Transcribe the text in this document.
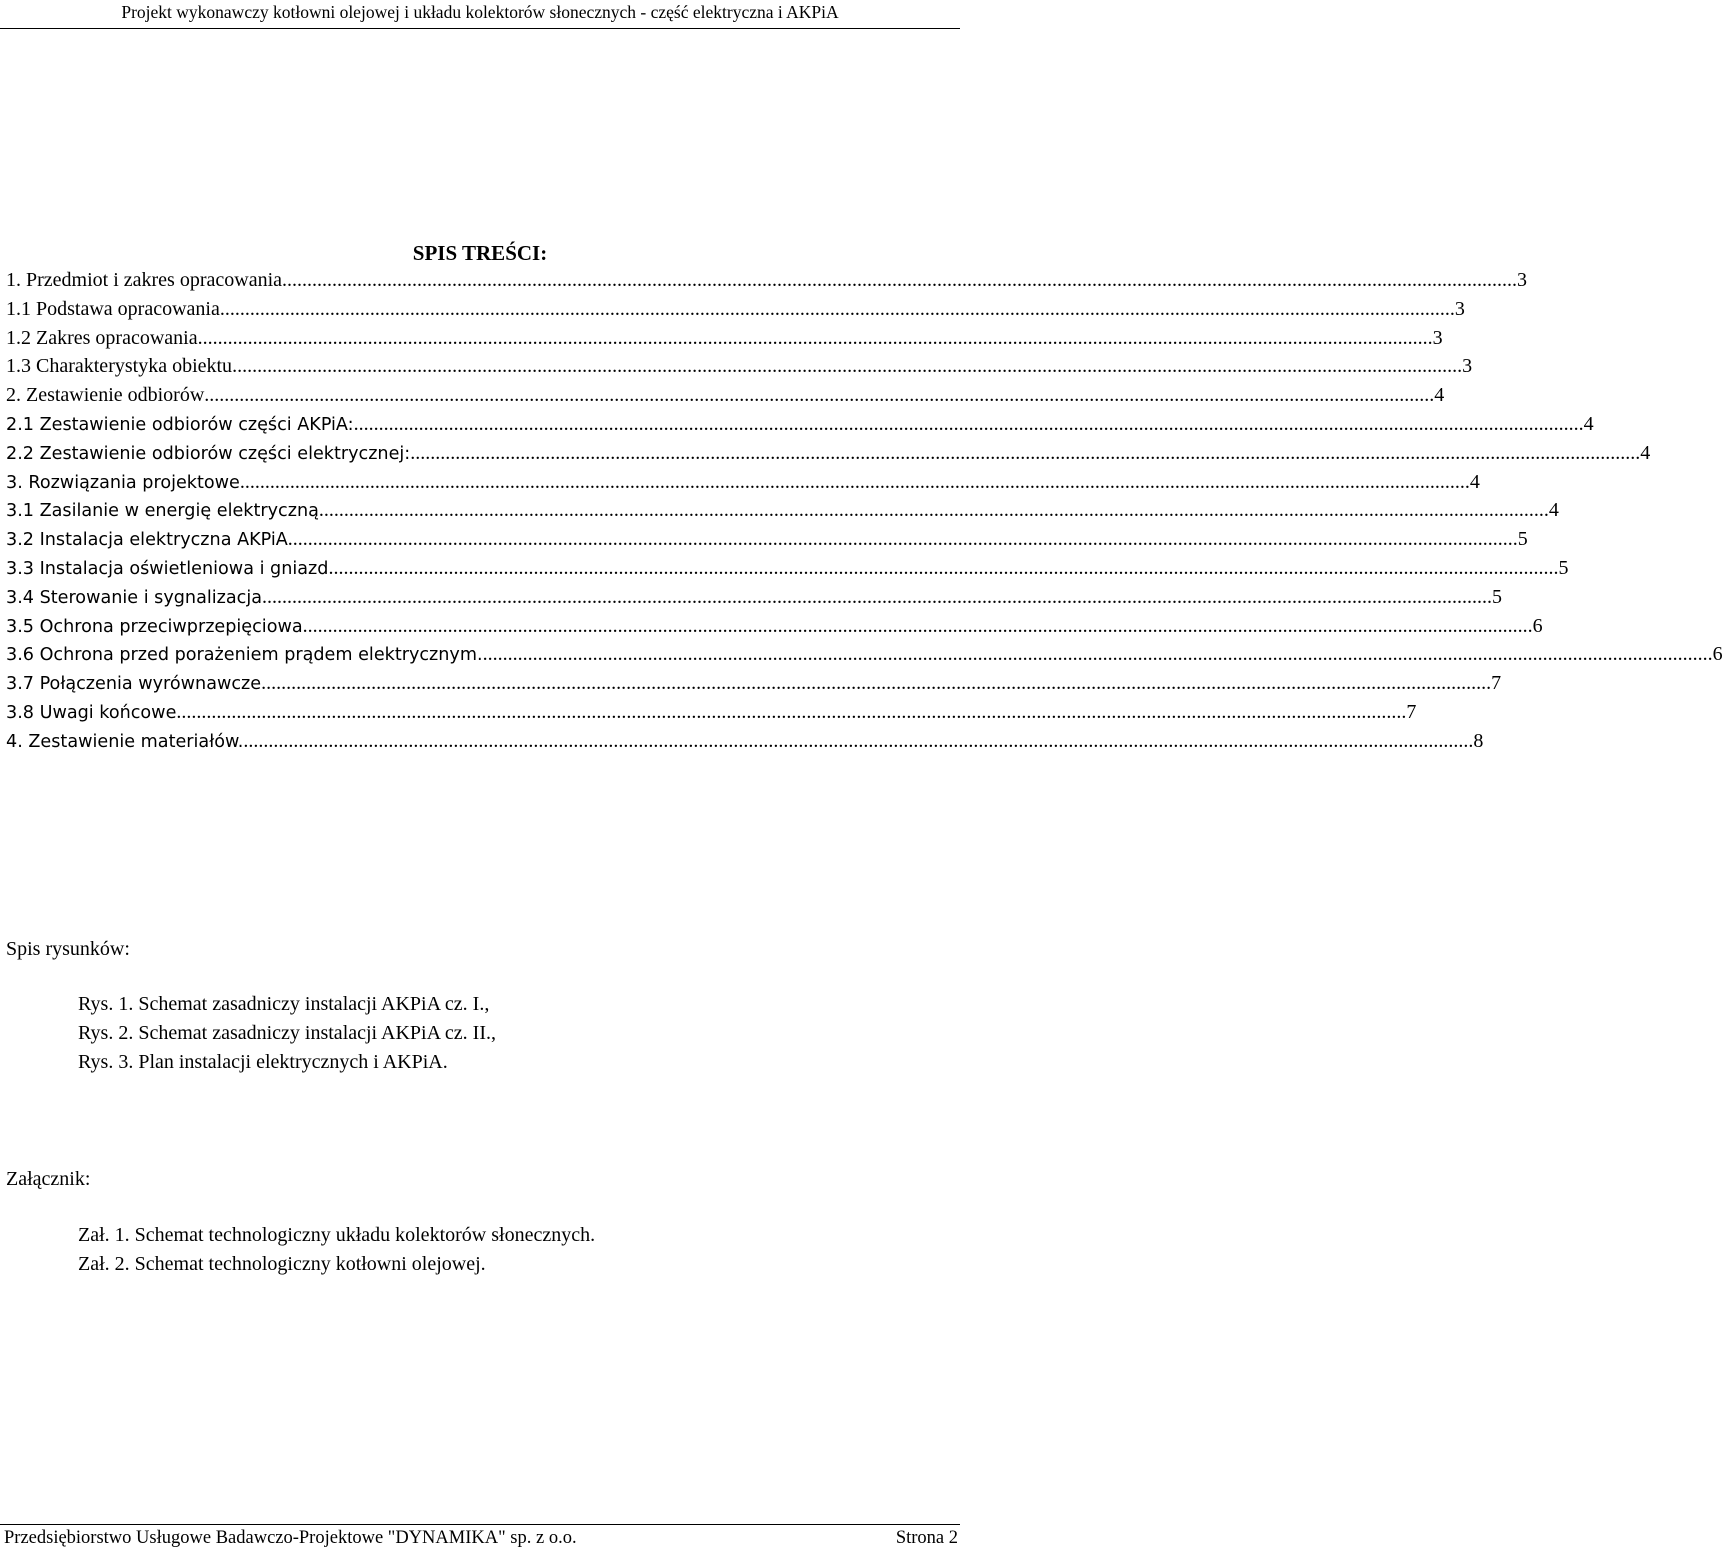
Projekt wykonawczy kotłowni olejowej i układu kolektorów słonecznych - część elektryczna i AKPiA
SPIS TREŚCI:
1. Przedmiot i zakres opracowania. .....	3
1.1 Podstawa opracowania. .....	3
1.2 Zakres opracowania. .....	3
1.3 Charakterystyka obiektu .....	3
2. Zestawienie odbiorów .....	4
2.1 Zestawienie odbiorów części AKPiA: .....	4
2.2 Zestawienie odbiorów części elektrycznej: .....	4
3. Rozwiązania projektowe .....	4
3.1 Zasilanie w energię elektryczną .....	4
3.2 Instalacja elektryczna AKPiA .....	5
3.3 Instalacja oświetleniowa i gniazd .....	5
3.4 Sterowanie i sygnalizacja .....	5
3.5 Ochrona przeciwprzepięciowa .....	6
3.6 Ochrona przed porażeniem prądem elektrycznym. .....	6
3.7 Połączenia wyrównawcze .....	7
3.8 Uwagi końcowe .....	7
4. Zestawienie materiałów. .....	8
Spis rysunków:
Rys. 1. Schemat zasadniczy instalacji AKPiA cz. I.,
Rys. 2. Schemat zasadniczy instalacji AKPiA cz. II.,
Rys. 3. Plan instalacji elektrycznych i AKPiA.
Załącznik:
Zał. 1. Schemat technologiczny układu kolektorów słonecznych.
Zał. 2. Schemat technologiczny kotłowni olejowej.
Przedsiębiorstwo Usługowe Badawczo-Projektowe "DYNAMIKA" sp. z o.o.	Strona 2
